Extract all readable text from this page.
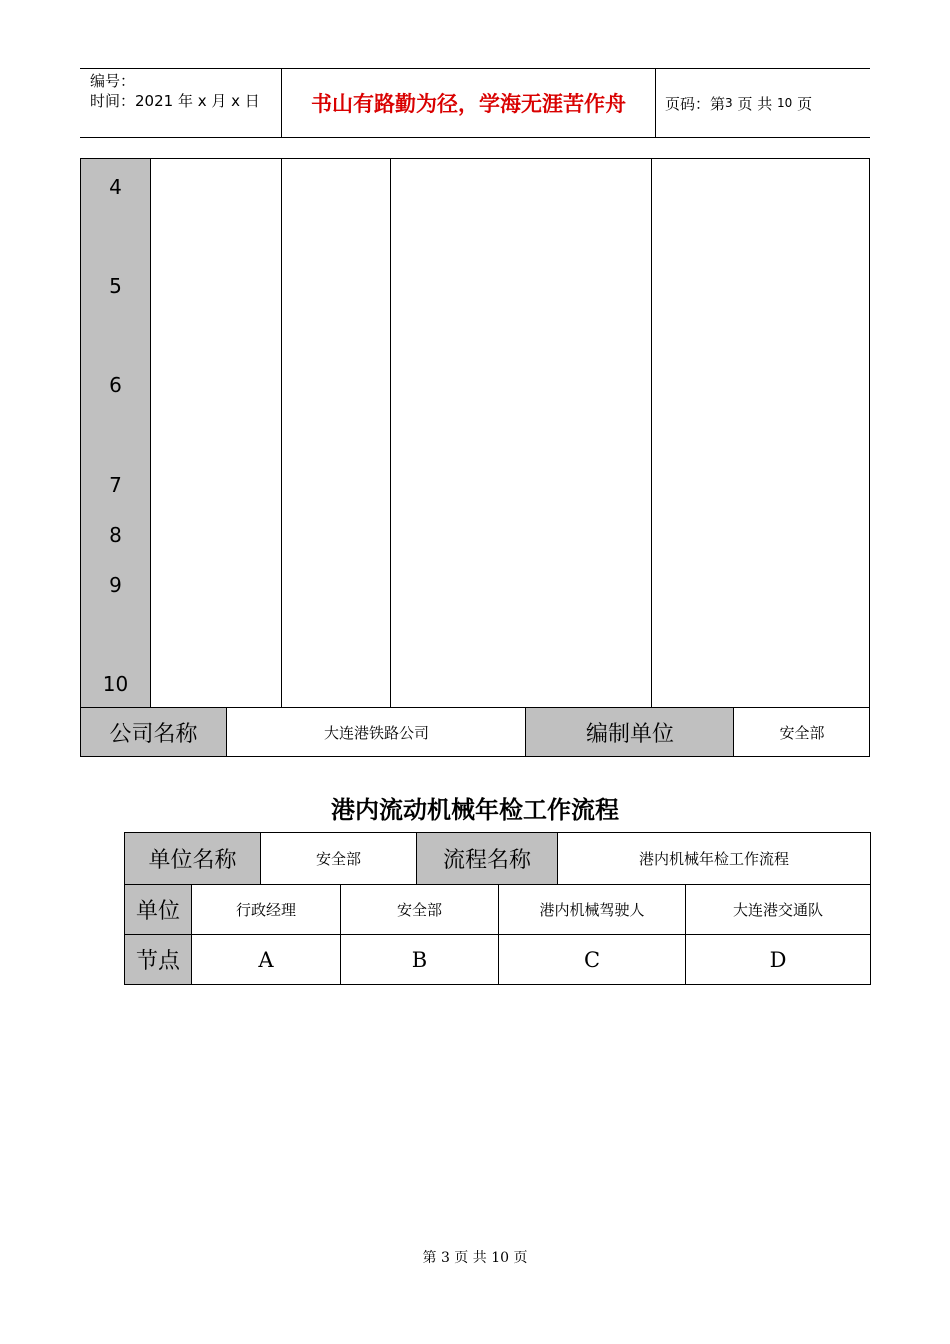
编号：
时间：2021 年 x 月 x 日	书山有路勤为径，学海无涯苦作舟	页码：第 3
页 共
10
页
4
5
6
7
8
9
10
公司名称	大连港铁路公司	编制单位	安全部
港内流动机械年检工作流程
单位名称	安全部	流程名称	港内机械年检工作流程
单位	行政经理	安全部	港内机械驾驶人	大连港交通队
节点	A	B	C	D
第 3 页 共 10 页
